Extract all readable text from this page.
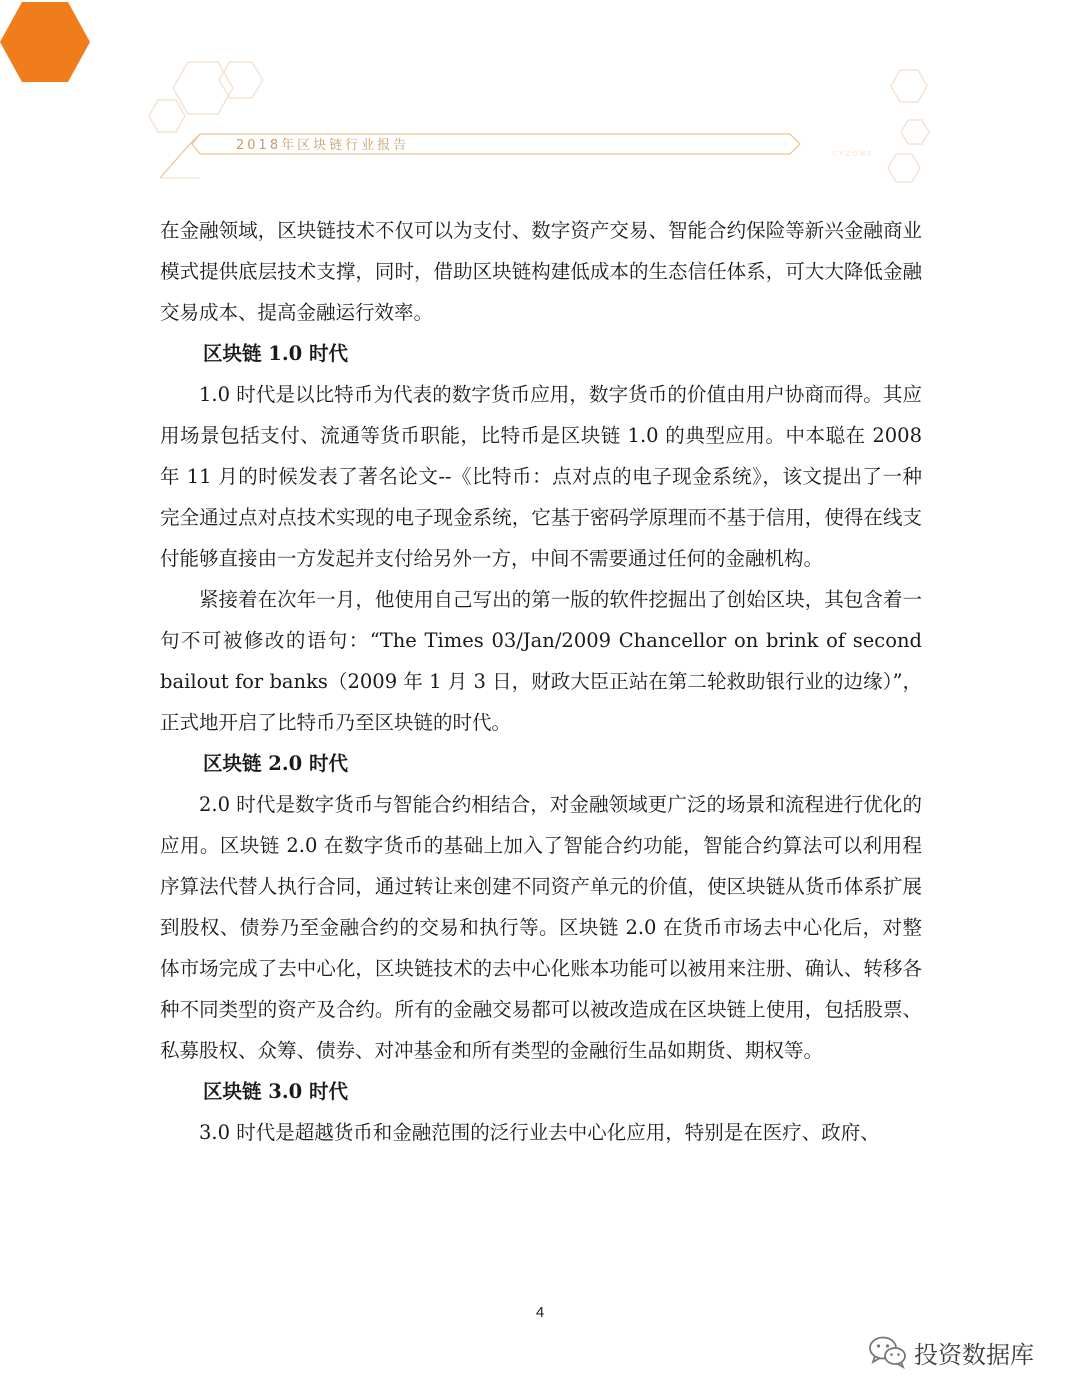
2018年区块链行业报告	创业邦
CYZONE

在金融领域，区块链技术不仅可以为支付、数字资产交易、智能合约保险等新兴金融商业模式提供底层技术支撑，同时，借助区块链构建低成本的生态信任体系，可大大降低金融交易成本、提高金融运行效率。

区块链 1.0 时代

1.0 时代是以比特币为代表的数字货币应用，数字货币的价值由用户协商而得。其应用场景包括支付、流通等货币职能，比特币是区块链 1.0 的典型应用。中本聪在 2008 年 11 月的时候发表了著名论文--《比特币：点对点的电子现金系统》，该文提出了一种完全通过点对点技术实现的电子现金系统，它基于密码学原理而不基于信用，使得在线支付能够直接由一方发起并支付给另外一方，中间不需要通过任何的金融机构。

紧接着在次年一月，他使用自己写出的第一版的软件挖掘出了创始区块，其包含着一句不可被修改的语句：“The Times 03/Jan/2009 Chancellor on brink of second bailout for banks（2009 年 1 月 3 日，财政大臣正站在第二轮救助银行业的边缘）”，正式地开启了比特币乃至区块链的时代。

区块链 2.0 时代

2.0 时代是数字货币与智能合约相结合，对金融领域更广泛的场景和流程进行优化的应用。区块链 2.0 在数字货币的基础上加入了智能合约功能，智能合约算法可以利用程序算法代替人执行合同，通过转让来创建不同资产单元的价值，使区块链从货币体系扩展到股权、债券乃至金融合约的交易和执行等。区块链 2.0 在货币市场去中心化后，对整体市场完成了去中心化，区块链技术的去中心化账本功能可以被用来注册、确认、转移各种不同类型的资产及合约。所有的金融交易都可以被改造成在区块链上使用，包括股票、私募股权、众筹、债券、对冲基金和所有类型的金融衍生品如期货、期权等。

区块链 3.0 时代

3.0 时代是超越货币和金融范围的泛行业去中心化应用，特别是在医疗、政府、

4
投资数据库
